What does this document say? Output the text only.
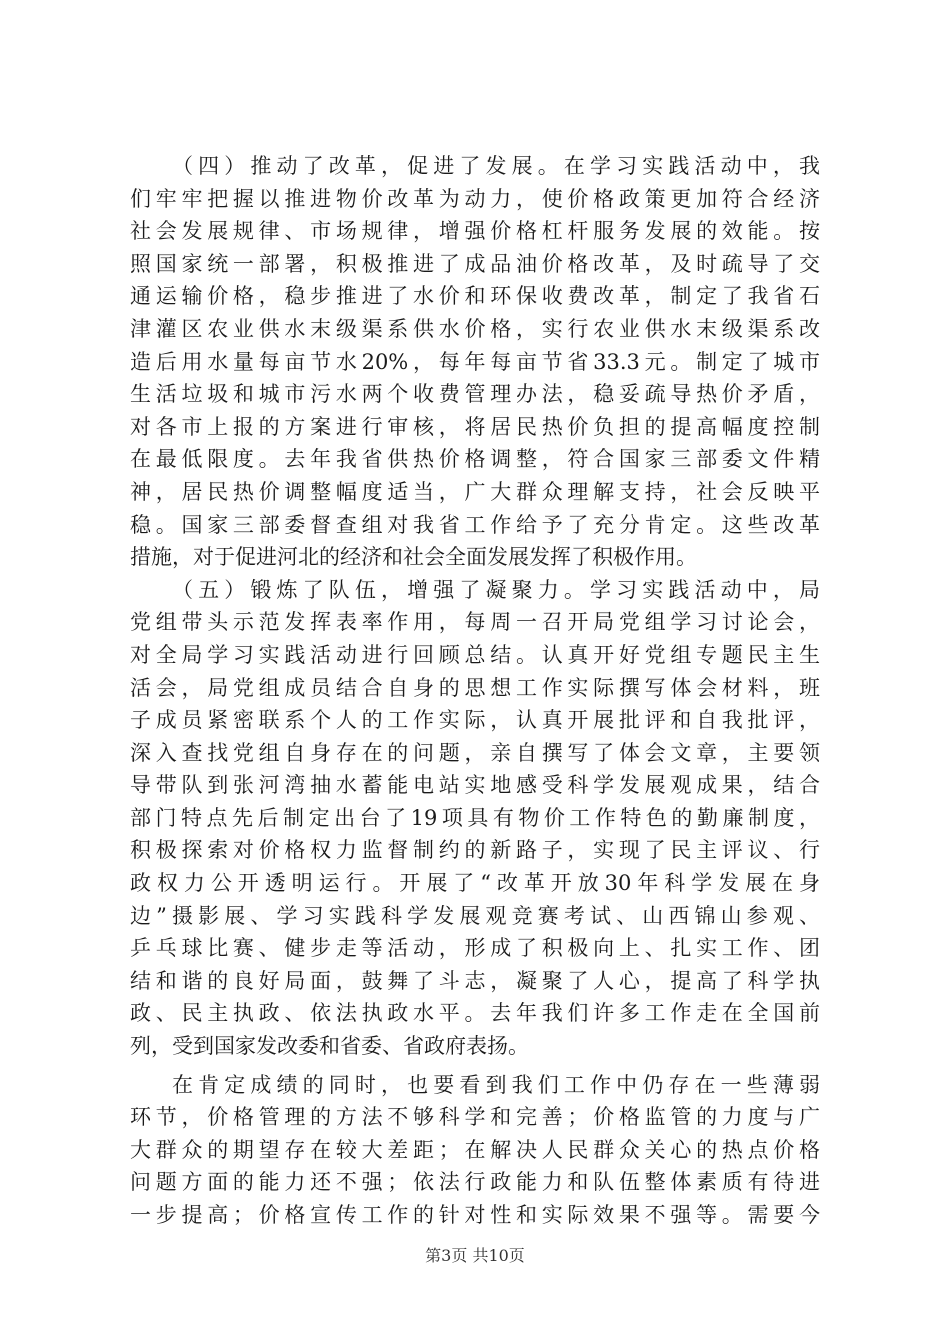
（四）推动了改革，促进了发展。在学习实践活动中，我
们牢牢把握以推进物价改革为动力，使价格政策更加符合经济
社会发展规律、市场规律，增强价格杠杆服务发展的效能。按
照国家统一部署，积极推进了成品油价格改革，及时疏导了交
通运输价格，稳步推进了水价和环保收费改革，制定了我省石
津灌区农业供水末级渠系供水价格，实行农业供水末级渠系改
造后用水量每亩节水20%，每年每亩节省33.3元。制定了城市
生活垃圾和城市污水两个收费管理办法，稳妥疏导热价矛盾，
对各市上报的方案进行审核，将居民热价负担的提高幅度控制
在最低限度。去年我省供热价格调整，符合国家三部委文件精
神，居民热价调整幅度适当，广大群众理解支持，社会反映平
稳。国家三部委督查组对我省工作给予了充分肯定。这些改革
措施，对于促进河北的经济和社会全面发展发挥了积极作用。
（五）锻炼了队伍，增强了凝聚力。学习实践活动中，局
党组带头示范发挥表率作用，每周一召开局党组学习讨论会，
对全局学习实践活动进行回顾总结。认真开好党组专题民主生
活会，局党组成员结合自身的思想工作实际撰写体会材料，班
子成员紧密联系个人的工作实际，认真开展批评和自我批评，
深入查找党组自身存在的问题，亲自撰写了体会文章，主要领
导带队到张河湾抽水蓄能电站实地感受科学发展观成果，结合
部门特点先后制定出台了19项具有物价工作特色的勤廉制度，
积极探索对价格权力监督制约的新路子，实现了民主评议、行
政权力公开透明运行。开展了“改革开放30年科学发展在身
边”摄影展、学习实践科学发展观竞赛考试、山西锦山参观、
乒乓球比赛、健步走等活动，形成了积极向上、扎实工作、团
结和谐的良好局面，鼓舞了斗志，凝聚了人心，提高了科学执
政、民主执政、依法执政水平。去年我们许多工作走在全国前
列，受到国家发改委和省委、省政府表扬。
在肯定成绩的同时，也要看到我们工作中仍存在一些薄弱
环节，价格管理的方法不够科学和完善；价格监管的力度与广
大群众的期望存在较大差距；在解决人民群众关心的热点价格
问题方面的能力还不强；依法行政能力和队伍整体素质有待进
一步提高；价格宣传工作的针对性和实际效果不强等。需要今
第3页 共10页
